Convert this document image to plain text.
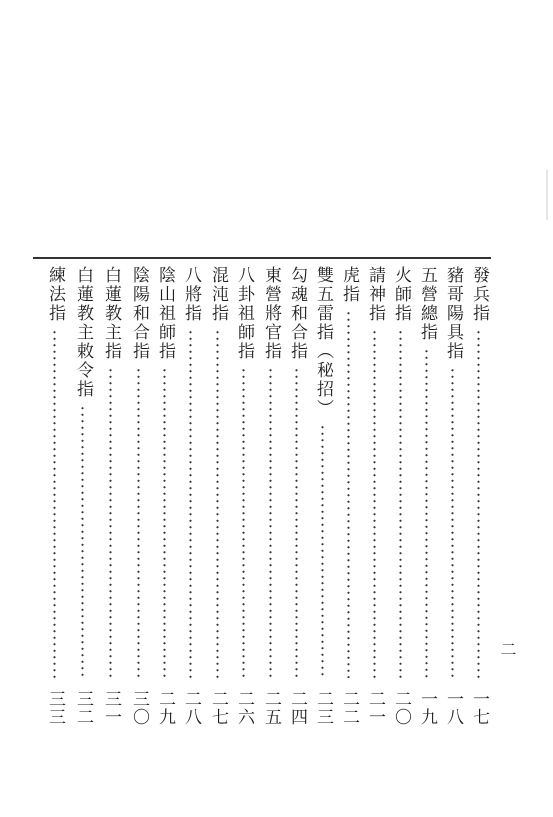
發兵指
一七
豬哥陽具指
一八
五營總指
一九
火師指
二〇
請神指
二一
虎指
二二
雙五雷指（秘招）
二三
勾魂和合指
二四
東營將官指
二五
八卦祖師指
二六
混沌指
二七
八將指
二八
陰山祖師指
二九
陰陽和合指
三〇
白蓮教主指
三一
白蓮教主敕令指
三二
練法指
三三
二
